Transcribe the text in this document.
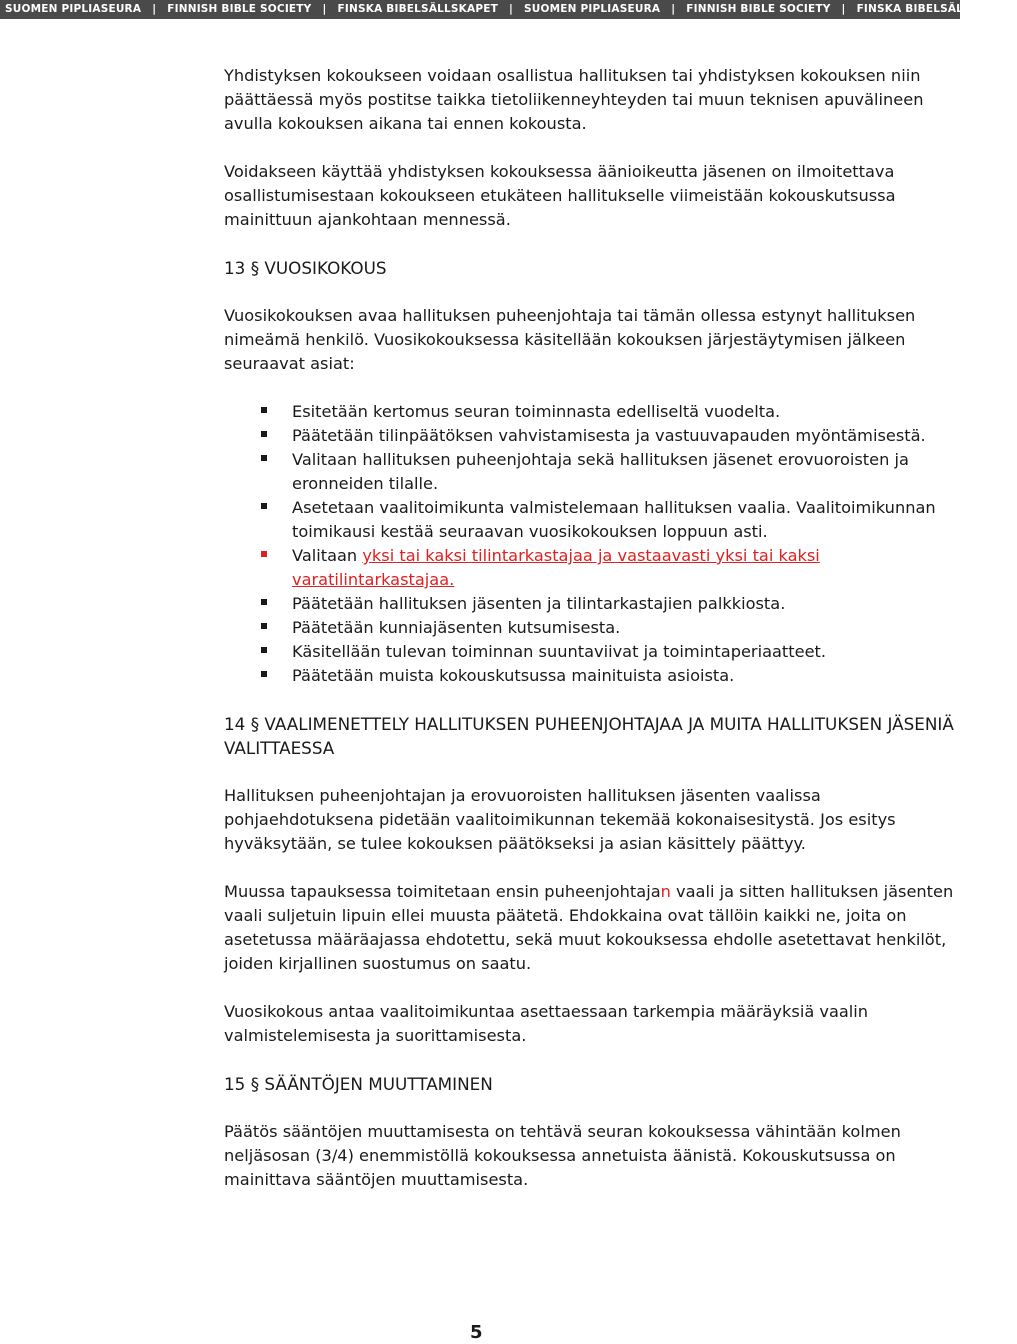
SUOMEN PIPLIASEURA | FINNISH BIBLE SOCIETY | FINSKA BIBELSÄLLSKAPET | SUOMEN PIPLIASEURA | FINNISH BIBLE SOCIETY | FINSKA BIBELSÄLLSKAPET

Yhdistyksen kokoukseen voidaan osallistua hallituksen tai yhdistyksen kokouksen niin päättäessä myös postitse taikka tietoliikenneyhteyden tai muun teknisen apuvälineen avulla kokouksen aikana tai ennen kokousta.

Voidakseen käyttää yhdistyksen kokouksessa äänioikeutta jäsenen on ilmoitettava osallistumisestaan kokoukseen etukäteen hallitukselle viimeistään kokouskutsussa mainittuun ajankohtaan mennessä.

13 § VUOSIKOKOUS

Vuosikokouksen avaa hallituksen puheenjohtaja tai tämän ollessa estynyt hallituksen nimeämä henkilö. Vuosikokouksessa käsitellään kokouksen järjestäytymisen jälkeen seuraavat asiat:

Esitetään kertomus seuran toiminnasta edelliseltä vuodelta.
Päätetään tilinpäätöksen vahvistamisesta ja vastuuvapauden myöntämisestä.
Valitaan hallituksen puheenjohtaja sekä hallituksen jäsenet erovuoroisten ja eronneiden tilalle.
Asetetaan vaalitoimikunta valmistelemaan hallituksen vaalia. Vaalitoimikunnan toimikausi kestää seuraavan vuosikokouksen loppuun asti.
Valitaan yksi tai kaksi tilintarkastajaa ja vastaavasti yksi tai kaksi varatilintarkastajaa.
Päätetään hallituksen jäsenten ja tilintarkastajien palkkiosta.
Päätetään kunniajäsenten kutsumisesta.
Käsitellään tulevan toiminnan suuntaviivat ja toimintaperiaatteet.
Päätetään muista kokouskutsussa mainituista asioista.

14 § VAALIMENETTELY HALLITUKSEN PUHEENJOHTAJAA JA MUITA HALLITUKSEN JÄSENIÄ VALITTAESSA

Hallituksen puheenjohtajan ja erovuoroisten hallituksen jäsenten vaalissa pohjaehdotuksena pidetään vaalitoimikunnan tekemää kokonaisesitystä. Jos esitys hyväksytään, se tulee kokouksen päätökseksi ja asian käsittely päättyy.

Muussa tapauksessa toimitetaan ensin puheenjohtajan vaali ja sitten hallituksen jäsenten vaali suljetuin lipuin ellei muusta päätetä. Ehdokkaina ovat tällöin kaikki ne, joita on asetetussa määräajassa ehdotettu, sekä muut kokouksessa ehdolle asetettavat henkilöt, joiden kirjallinen suostumus on saatu.

Vuosikokous antaa vaalitoimikuntaa asettaessaan tarkempia määräyksiä vaalin valmistelemisesta ja suorittamisesta.

15 § SÄÄNTÖJEN MUUTTAMINEN

Päätös sääntöjen muuttamisesta on tehtävä seuran kokouksessa vähintään kolmen neljäsosan (3/4) enemmistöllä kokouksessa annetuista äänistä. Kokouskutsussa on mainittava sääntöjen muuttamisesta.

5
